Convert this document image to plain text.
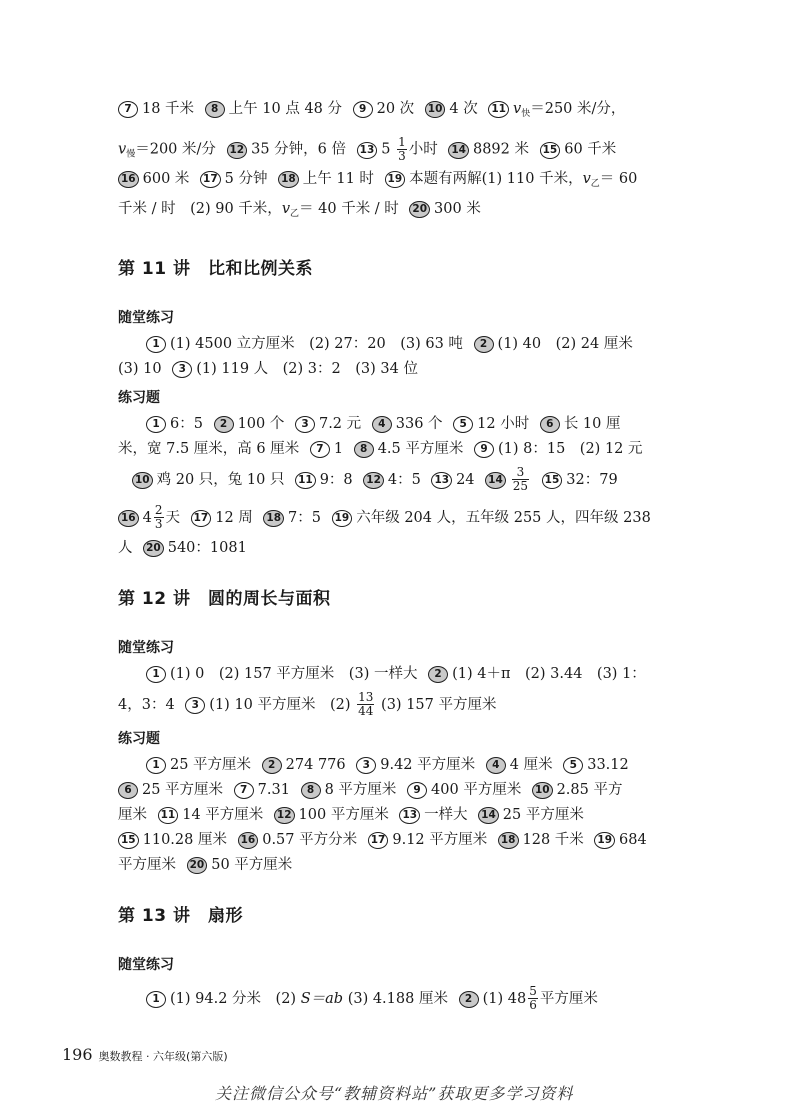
7 18 千米 8 上午 10 点 48 分 9 20 次 10 4 次 11 $v_快=250$ 米/分，
$v_慢=200$ 米/分 12 35 分钟，6 倍 13 $5 \frac{1}{3}$ 小时 14 8892 米 15 60 千米
16 600 米 17 5 分钟 18 上午 11 时 19 本题有两解(1) 110 千米，$v_乙= 60$
千米 / 时　(2) 90 千米，$v_乙= 40$ 千米 / 时 20 300 米
第 11 讲　比和比例关系
随堂练习
1 (1) 4500 立方厘米　(2) 27：20　(3) 63 吨 2 (1) 40　(2) 24 厘米
(3) 10 3 (1) 119 人　(2) 3：2　(3) 34 位
练习题
1 6：5 2 100 个 3 7.2 元 4 336 个 5 12 小时 6 长 10 厘
米，宽 7.5 厘米，高 6 厘米 7 1 8 4.5 平方厘米 9 (1) 8：15　(2) 12 元
10 鸡 20 只，兔 10 只 11 9：8 12 4：5 13 24 $14 \frac{3}{25} 15$ 32：79
16 $4 \frac{2}{3}$ 天 17 12 周 18 7：5 19 六年级 204 人，五年级 255 人，四年级 238
人 20 540：1081
第 12 讲　圆的周长与面积
随堂练习
1 (1) 0　(2) 157 平方厘米　(3) 一样大 2 (1) 4＋π　(2) 3.44　(3) 1：
4，3：4 3 (1) 10 平方厘米　$(2) \frac{13}{44} (3)$ 157 平方厘米
练习题
1 25 平方厘米 2 274 776 3 9.42 平方厘米 4 4 厘米 5 33.12
6 25 平方厘米 7 7.31 8 8 平方厘米 9 400 平方厘米 10 2.85 平方
厘米 11 14 平方厘米 12 100 平方厘米 13 一样大 14 25 平方厘米
15 110.28 厘米 16 0.57 平方分米 17 9.12 平方厘米 18 128 千米 19 684
平方厘米 20 50 平方厘米
第 13 讲　扇形
随堂练习
1 (1) 94.2 分米　(2) S＝ab (3) 4.188 厘米 2 (1) $48 \frac{5}{6}$ 平方厘米
196 奥数教程 · 六年级(第六版)
关注微信公众号“教辅资料站”获取更多学习资料
